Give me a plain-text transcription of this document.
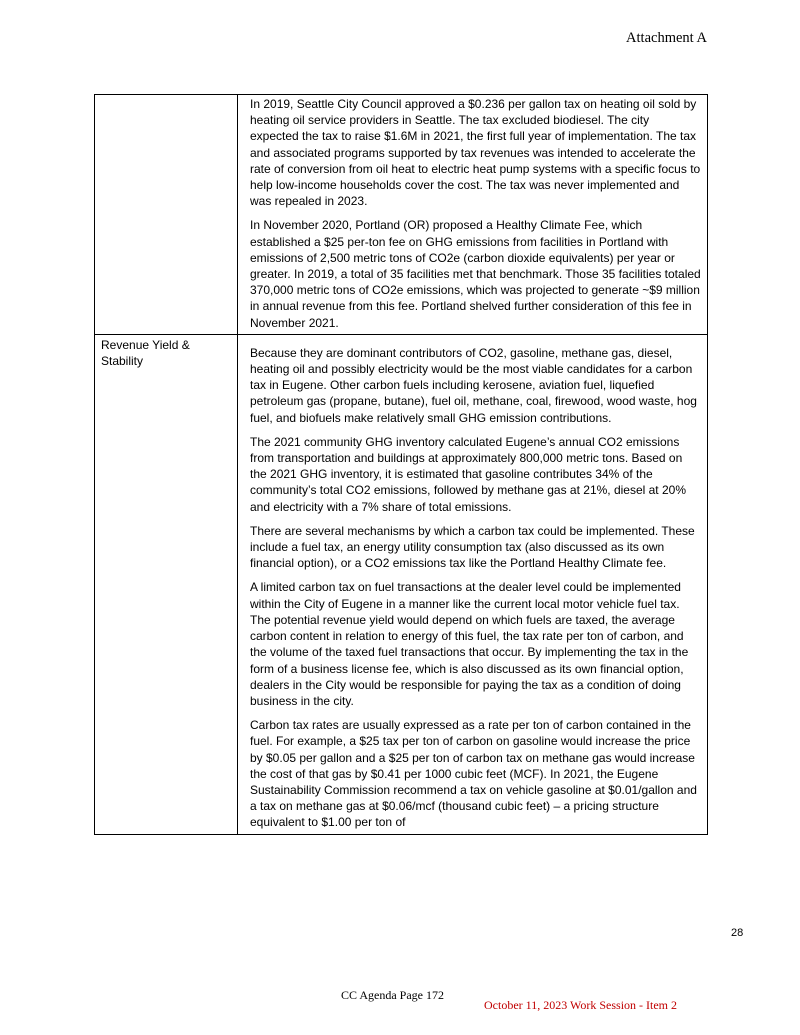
Attachment A

	In 2019, Seattle City Council approved a $0.236 per gallon tax on heating oil sold by heating oil service providers in Seattle. The tax excluded biodiesel. The city expected the tax to raise $1.6M in 2021, the first full year of implementation. The tax and associated programs supported by tax revenues was intended to accelerate the rate of conversion from oil heat to electric heat pump systems with a specific focus to help low-income households cover the cost. The tax was never implemented and was repealed in 2023.

In November 2020, Portland (OR) proposed a Healthy Climate Fee, which established a $25 per-ton fee on GHG emissions from facilities in Portland with emissions of 2,500 metric tons of CO2e (carbon dioxide equivalents) per year or greater. In 2019, a total of 35 facilities met that benchmark. Those 35 facilities totaled 370,000 metric tons of CO2e emissions, which was projected to generate ~$9 million in annual revenue from this fee. Portland shelved further consideration of this fee in November 2021.

Revenue Yield & Stability	Because they are dominant contributors of CO2, gasoline, methane gas, diesel, heating oil and possibly electricity would be the most viable candidates for a carbon tax in Eugene. Other carbon fuels including kerosene, aviation fuel, liquefied petroleum gas (propane, butane), fuel oil, methane, coal, firewood, wood waste, hog fuel, and biofuels make relatively small GHG emission contributions.

The 2021 community GHG inventory calculated Eugene’s annual CO2 emissions from transportation and buildings at approximately 800,000 metric tons. Based on the 2021 GHG inventory, it is estimated that gasoline contributes 34% of the community’s total CO2 emissions, followed by methane gas at 21%, diesel at 20% and electricity with a 7% share of total emissions.

There are several mechanisms by which a carbon tax could be implemented. These include a fuel tax, an energy utility consumption tax (also discussed as its own financial option), or a CO2 emissions tax like the Portland Healthy Climate fee.

A limited carbon tax on fuel transactions at the dealer level could be implemented within the City of Eugene in a manner like the current local motor vehicle fuel tax. The potential revenue yield would depend on which fuels are taxed, the average carbon content in relation to energy of this fuel, the tax rate per ton of carbon, and the volume of the taxed fuel transactions that occur. By implementing the tax in the form of a business license fee, which is also discussed as its own financial option, dealers in the City would be responsible for paying the tax as a condition of doing business in the city.

Carbon tax rates are usually expressed as a rate per ton of carbon contained in the fuel. For example, a $25 tax per ton of carbon on gasoline would increase the price by $0.05 per gallon and a $25 per ton of carbon tax on methane gas would increase the cost of that gas by $0.41 per 1000 cubic feet (MCF). In 2021, the Eugene Sustainability Commission recommend a tax on vehicle gasoline at $0.01/gallon and a tax on methane gas at $0.06/mcf (thousand cubic feet) – a pricing structure equivalent to $1.00 per ton of

28
CC Agenda Page 172
October 11, 2023 Work Session - Item 2
